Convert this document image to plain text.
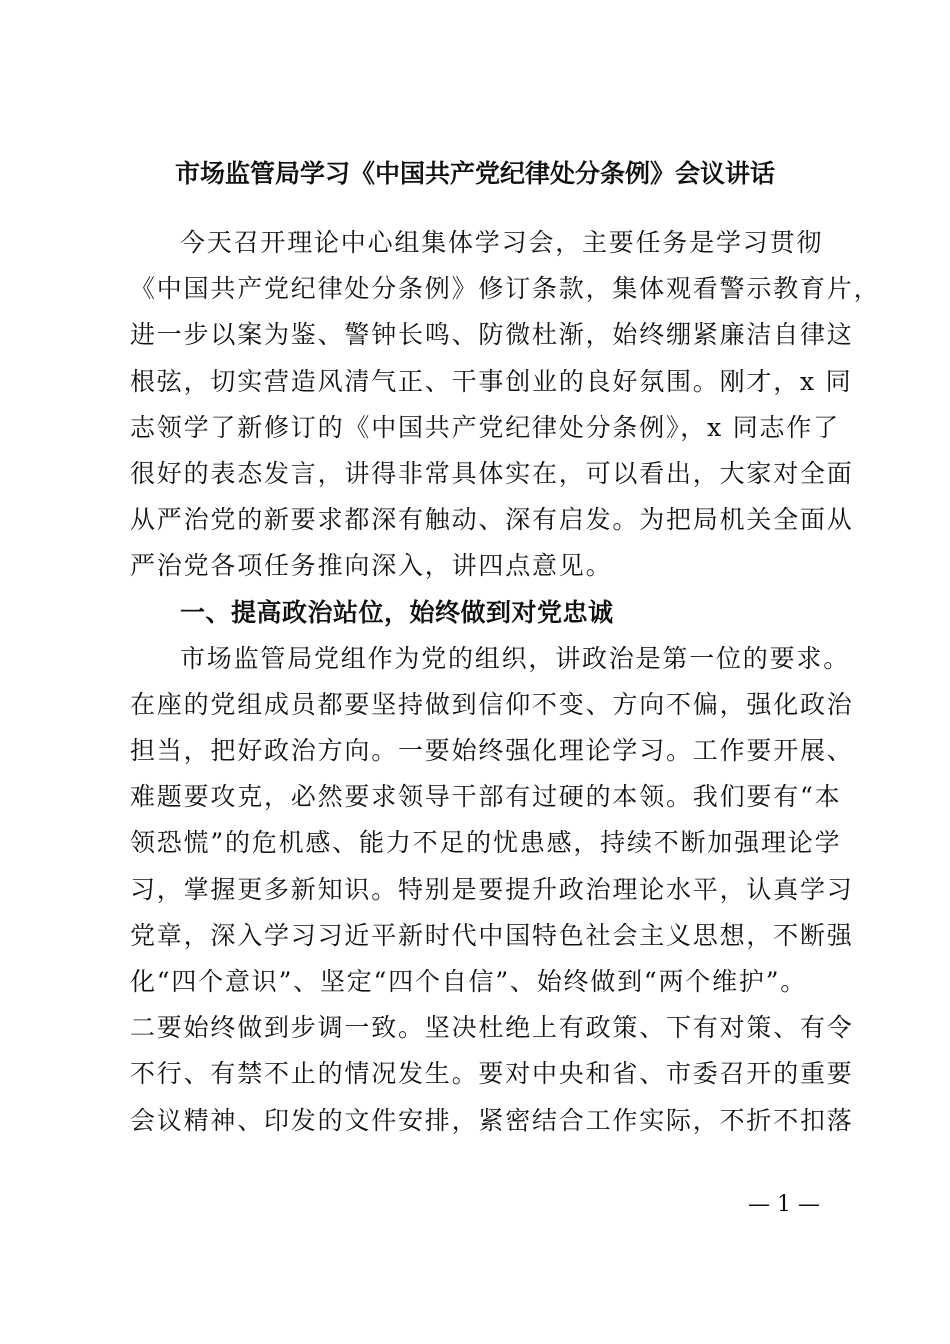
市场监管局学习《中国共产党纪律处分条例》会议讲话
今天召开理论中心组集体学习会，主要任务是学习贯彻
《中国共产党纪律处分条例》修订条款，集体观看警示教育片，
进一步以案为鉴、警钟长鸣、防微杜渐，始终绷紧廉洁自律这
根弦，切实营造风清气正、干事创业的良好氛围。刚才，x 同
志领学了新修订的《中国共产党纪律处分条例》，x 同志作了
很好的表态发言，讲得非常具体实在，可以看出，大家对全面
从严治党的新要求都深有触动、深有启发。为把局机关全面从
严治党各项任务推向深入，讲四点意见。
一、提高政治站位，始终做到对党忠诚
市场监管局党组作为党的组织，讲政治是第一位的要求。
在座的党组成员都要坚持做到信仰不变、方向不偏，强化政治
担当，把好政治方向。一要始终强化理论学习。工作要开展、
难题要攻克，必然要求领导干部有过硬的本领。我们要有“本
领恐慌”的危机感、能力不足的忧患感，持续不断加强理论学
习，掌握更多新知识。特别是要提升政治理论水平，认真学习
党章，深入学习习近平新时代中国特色社会主义思想，不断强
化“四个意识”、坚定“四个自信”、始终做到“两个维护”。
二要始终做到步调一致。坚决杜绝上有政策、下有对策、有令
不行、有禁不止的情况发生。要对中央和省、市委召开的重要
会议精神、印发的文件安排，紧密结合工作实际，不折不扣落
— 1 —
